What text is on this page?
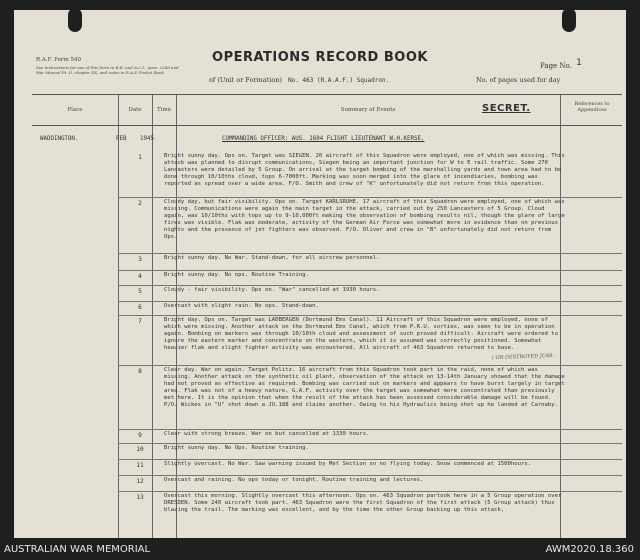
R.A.F. Form 540
See instructions for use of this form in K.R. and A.C.I., para. 2349 and War Manual Pt. II, chapter XX, and notes in R.A.F. Pocket Book.
OPERATIONS RECORD BOOK
Page No. 1
of (Unit or Formation) No. 463 (R.A.A.F.) Squadron.	No. of pages used for day
Place	Date	Time	Summary of Events	SECRET.	References to Appendices
WADDINGTON.	FEB 1945	COMMANDING OFFICER: AUS. 1604 FLIGHT LIEUTENANT W.H.KERSE.
1	Bright sunny day. Ops on. Target was SIEGEN. 20 aircraft of this Squadron were employed, one of which was missing. This attack was planned to disrupt communications, Siegen being an important junction for W to E rail traffic. Some 270 Lancasters were detailed by 5 Group. On arrival at the target bombing of the marshalling yards and town area had to be done through 10/10ths cloud, tops 6-7000ft. Marking was soon merged into the glare of incendiaries, bombing was reported as spread over a wide area. F/O. Smith and crew of "K" unfortunately did not return from this operation.
2	Cloudy day, but fair visibility. Ops on. Target KARLSRUHE. 17 aircraft of this Squadron were employed, one of which was missing. Communications were again the main target in the attack, carried out by 250 Lancasters of 5 Group. Cloud again, was 10/10ths with tops up to 9-10,000ft making the observation of bombing results nil, though the glare of large fires was visible. Flak was moderate, activity of the German Air Force was somewhat more in evidence than on previous nights and the presence of jet fighters was observed. F/O. Oliver and crew in "B" unfortunately did not return from Ops.
3	Bright sunny day. No War. Stand-down, for all aircrew personnel.
4	Bright sunny day. No ops. Routine Training.
5	Cloudy - fair visibility. Ops on. "War" cancelled at 1930 hours.
6	Overcast with slight rain. No ops. Stand-down.
7	Bright day. Ops on. Target was LADBERGEN (Dortmund Ems Canal). 11 Aircraft of this Squadron were employed, none of which were missing. Another attack on the Dortmund Ems Canal, which from P.R.U. sorties, was seen to be in operation again. Bombing on markers was through 10/10th cloud and assessment of such proved difficult. Aircraft were ordered to ignore the eastern marker and concentrate on the western, which it is assumed was correctly positioned. Somewhat heavier flak and slight fighter activity was encountered. All aircraft of 463 Squadron returned to base.
8	Clear day. War on again. Target Politz. 16 aircraft from this Squadron took part in the raid, none of which was missing. Another attack on the synthetic oil plant, observation of the attack on 13-14th January showed that the damage had not proved as effective as required. Bombing was carried out on markers and appears to have burst largely in target area. Flak was not of a heavy nature, G.A.F. activity over the target was somewhat more concentrated than previously met here. It is the opinion that when the result of the attack has been assessed considerable damage will be found. P/O. Wickes in "U" shot down a JU.188 and claims another. Owing to his Hydraulics being shot up he landed at Carnaby.
9	Clear with strong breeze. War on but cancelled at 1330 hours.
10	Bright sunny day. No Ops. Routine training.
11	Slightly overcast. No War. Saw warning issued by Met Section so no flying today. Snow commenced at 1500hours.
12	Overcast and raining. No ops today or tonight. Routine training and lectures.
13	Overcast this morning. Slightly overcast this afternoon. Ops on. 463 Squadron partook here in a 5 Group operation over DRESDEN. Some 240 aircraft took part. 463 Squadron were the first Squadron of the first attack (5 Group attack) thus blazing the trail. The marking was excellent, and by the time the other Group backing up this attack,
( OR DESTROYED JU88.
AUSTRALIAN WAR MEMORIAL	AWM2020.18.360
